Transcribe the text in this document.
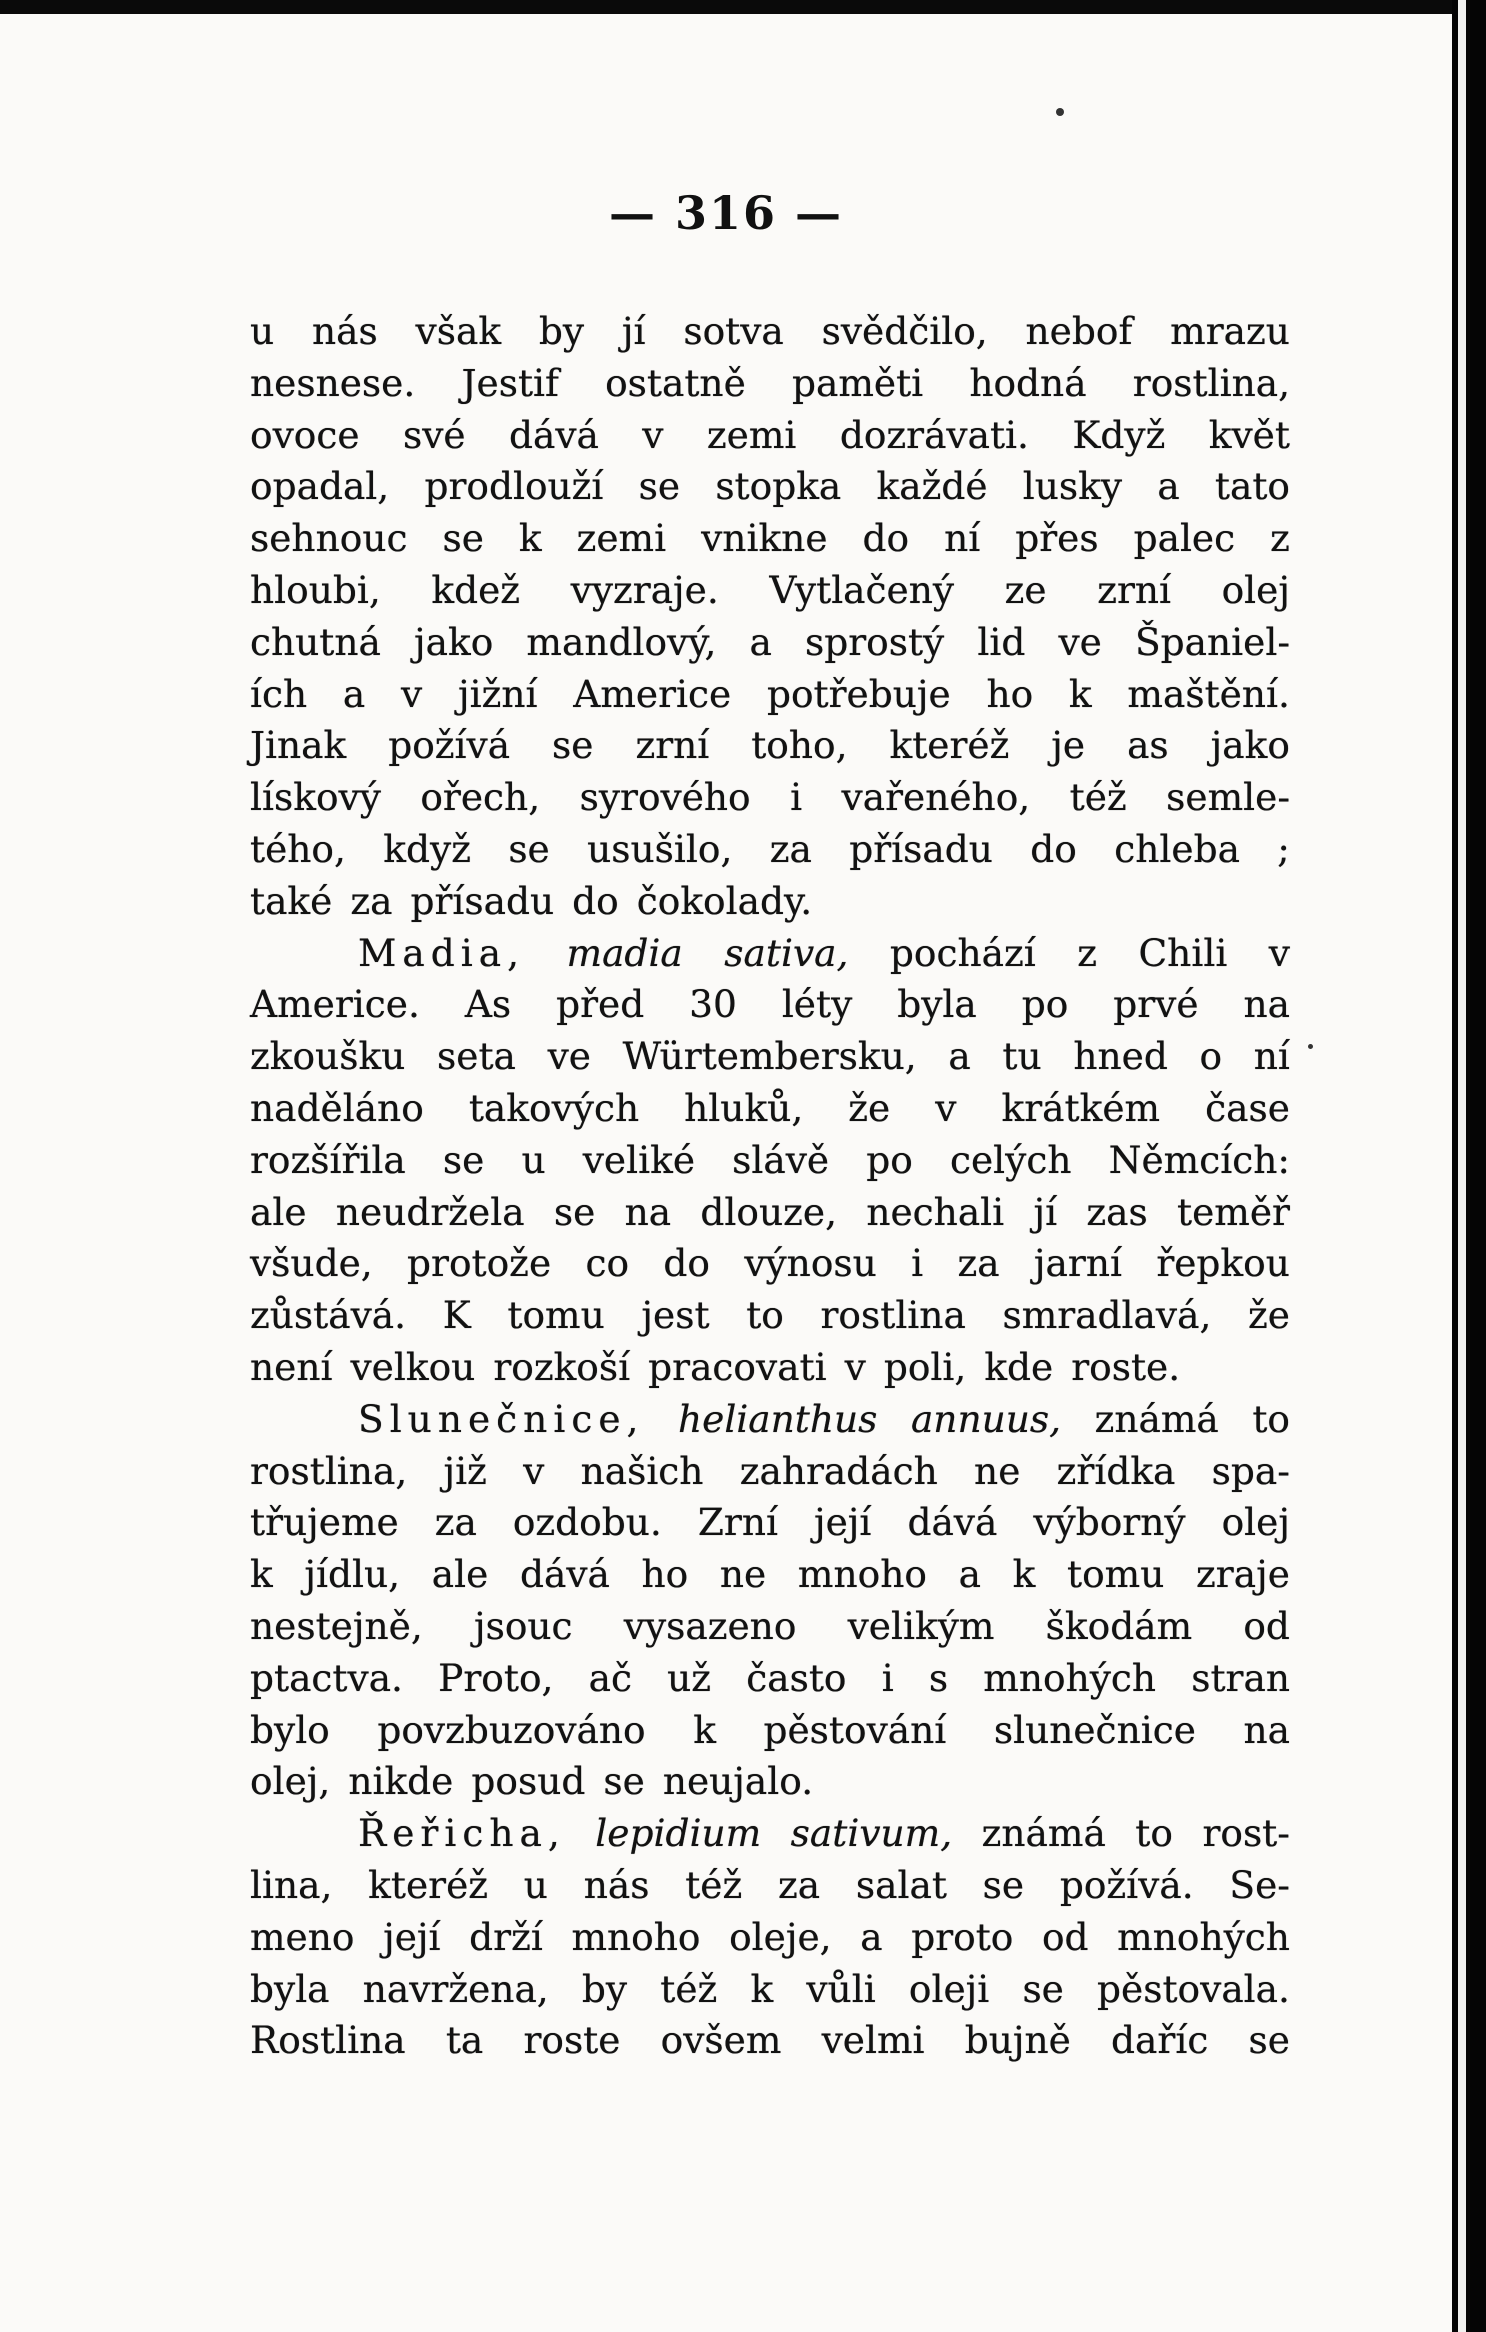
— 316 —
u nás však by jí sotva svědčilo, nebof mrazu
nesnese. Jestif ostatně paměti hodná rostlina,
ovoce své dává v zemi dozrávati. Když květ
opadal, prodlouží se stopka každé lusky a tato
sehnouc se k zemi vnikne do ní přes palec z
hloubi, kdež vyzraje. Vytlačený ze zrní olej
chutná jako mandlový, a sprostý lid ve Španiel-
ích a v jižní Americe potřebuje ho k maštění.
Jinak požívá se zrní toho, kteréž je as jako
lískový ořech, syrového i vařeného, též semle-
tého, když se usušilo, za přísadu do chleba ;
také za přísadu do čokolady.
Madia, madia sativa, pochází z Chili v
Americe. As před 30 léty byla po prvé na
zkoušku seta ve Würtembersku, a tu hned o ní
naděláno takových hluků, že v krátkém čase
rozšířila se u veliké slávě po celých Němcích:
ale neudržela se na dlouze, nechali jí zas teměř
všude, protože co do výnosu i za jarní řepkou
zůstává. K tomu jest to rostlina smradlavá, že
není velkou rozkoší pracovati v poli, kde roste.
Slunečnice, helianthus annuus, známá to
rostlina, již v našich zahradách ne zřídka spa-
třujeme za ozdobu. Zrní její dává výborný olej
k jídlu, ale dává ho ne mnoho a k tomu zraje
nestejně, jsouc vysazeno velikým škodám od
ptactva. Proto, ač už často i s mnohých stran
bylo povzbuzováno k pěstování slunečnice na
olej, nikde posud se neujalo.
Řeřicha, lepidium sativum, známá to rost-
lina, kteréž u nás též za salat se požívá. Se-
meno její drží mnoho oleje, a proto od mnohých
byla navržena, by též k vůli oleji se pěstovala.
Rostlina ta roste ovšem velmi bujně daříc se
